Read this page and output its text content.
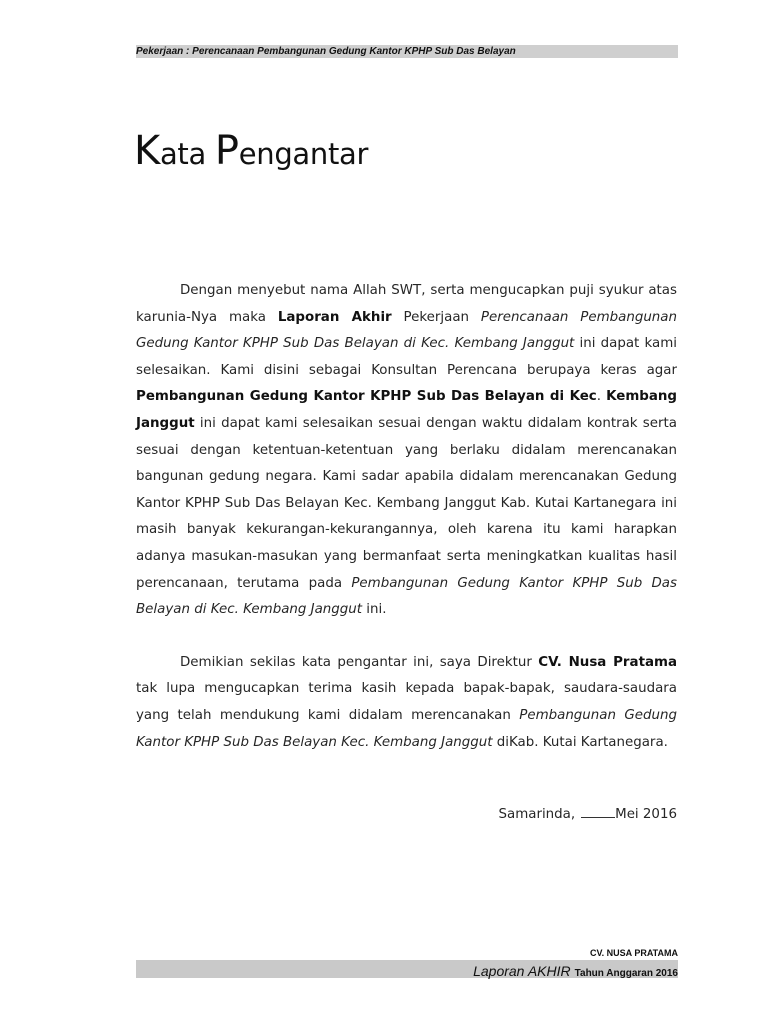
Pekerjaan : Perencanaan Pembangunan Gedung Kantor KPHP Sub Das Belayan
Kata Pengantar

Dengan menyebut nama Allah SWT, serta mengucapkan puji syukur atas karunia-Nya maka Laporan Akhir Pekerjaan Perencanaan Pembangunan Gedung Kantor KPHP Sub Das Belayan di Kec. Kembang Janggut ini dapat kami selesaikan. Kami disini sebagai Konsultan Perencana berupaya keras agar Pembangunan Gedung Kantor KPHP Sub Das Belayan di Kec. Kembang Janggut ini dapat kami selesaikan sesuai dengan waktu didalam kontrak serta sesuai dengan ketentuan-ketentuan yang berlaku didalam merencanakan bangunan gedung negara. Kami sadar apabila didalam merencanakan Gedung Kantor KPHP Sub Das Belayan Kec. Kembang Janggut Kab. Kutai Kartanegara ini masih banyak kekurangan-kekurangannya, oleh karena itu kami harapkan adanya masukan-masukan yang bermanfaat serta meningkatkan kualitas hasil perencanaan, terutama pada Pembangunan Gedung Kantor KPHP Sub Das Belayan di Kec. Kembang Janggut ini.

Demikian sekilas kata pengantar ini, saya Direktur CV. Nusa Pratama tak lupa mengucapkan terima kasih kepada bapak-bapak, saudara-saudara yang telah mendukung kami didalam merencanakan Pembangunan Gedung Kantor KPHP Sub Das Belayan Kec. Kembang Janggut diKab. Kutai Kartanegara.

Samarinda,	Mei 2016
CV. NUSA PRATAMA
Laporan AKHIR Tahun Anggaran 2016
